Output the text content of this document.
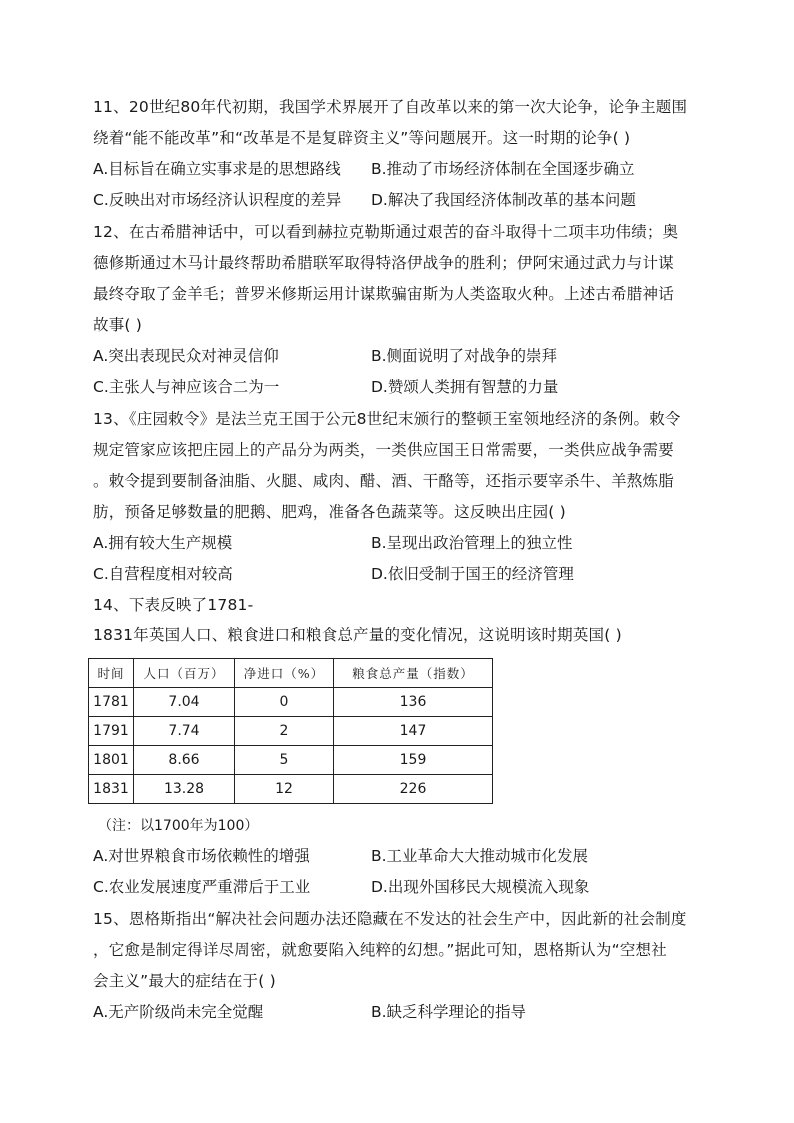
11、20世纪80年代初期，我国学术界展开了自改革以来的第一次大论争，论争主题围
绕着“能不能改革”和“改革是不是复辟资主义”等问题展开。这一时期的论争( )
A.目标旨在确立实事求是的思想路线 B.推动了市场经济体制在全国逐步确立
C.反映出对市场经济认识程度的差异 D.解决了我国经济体制改革的基本问题
12、在古希腊神话中，可以看到赫拉克勒斯通过艰苦的奋斗取得十二项丰功伟绩；奥
德修斯通过木马计最终帮助希腊联军取得特洛伊战争的胜利；伊阿宋通过武力与计谋
最终夺取了金羊毛；普罗米修斯运用计谋欺骗宙斯为人类盗取火种。上述古希腊神话
故事( )
A.突出表现民众对神灵信仰	B.侧面说明了对战争的崇拜
C.主张人与神应该合二为一	D.赞颂人类拥有智慧的力量
13、《庄园敕令》是法兰克王国于公元8世纪末颁行的整顿王室领地经济的条例。敕令
规定管家应该把庄园上的产品分为两类，一类供应国王日常需要，一类供应战争需要
。敕令提到要制备油脂、火腿、咸肉、醋、酒、干酪等，还指示要宰杀牛、羊熬炼脂
肪，预备足够数量的肥鹅、肥鸡，准备各色蔬菜等。这反映出庄园( )
A.拥有较大生产规模	B.呈现出政治管理上的独立性
C.自营程度相对较高	D.依旧受制于国王的经济管理
14、下表反映了1781-
1831年英国人口、粮食进口和粮食总产量的变化情况，这说明该时期英国( )
时间	人口（百万）	净进口（%）	粮食总产量（指数）
1781	7.04	0	136
1791	7.74	2	147
1801	8.66	5	159
1831	13.28	12	226
（注：以1700年为100）
A.对世界粮食市场依赖性的增强	B.工业革命大大推动城市化发展
C.农业发展速度严重滞后于工业	D.出现外国移民大规模流入现象
15、恩格斯指出“解决社会问题办法还隐藏在不发达的社会生产中，因此新的社会制度
，它愈是制定得详尽周密，就愈要陷入纯粹的幻想。”据此可知，恩格斯认为“空想社
会主义”最大的症结在于( )
A.无产阶级尚未完全觉醒	B.缺乏科学理论的指导
